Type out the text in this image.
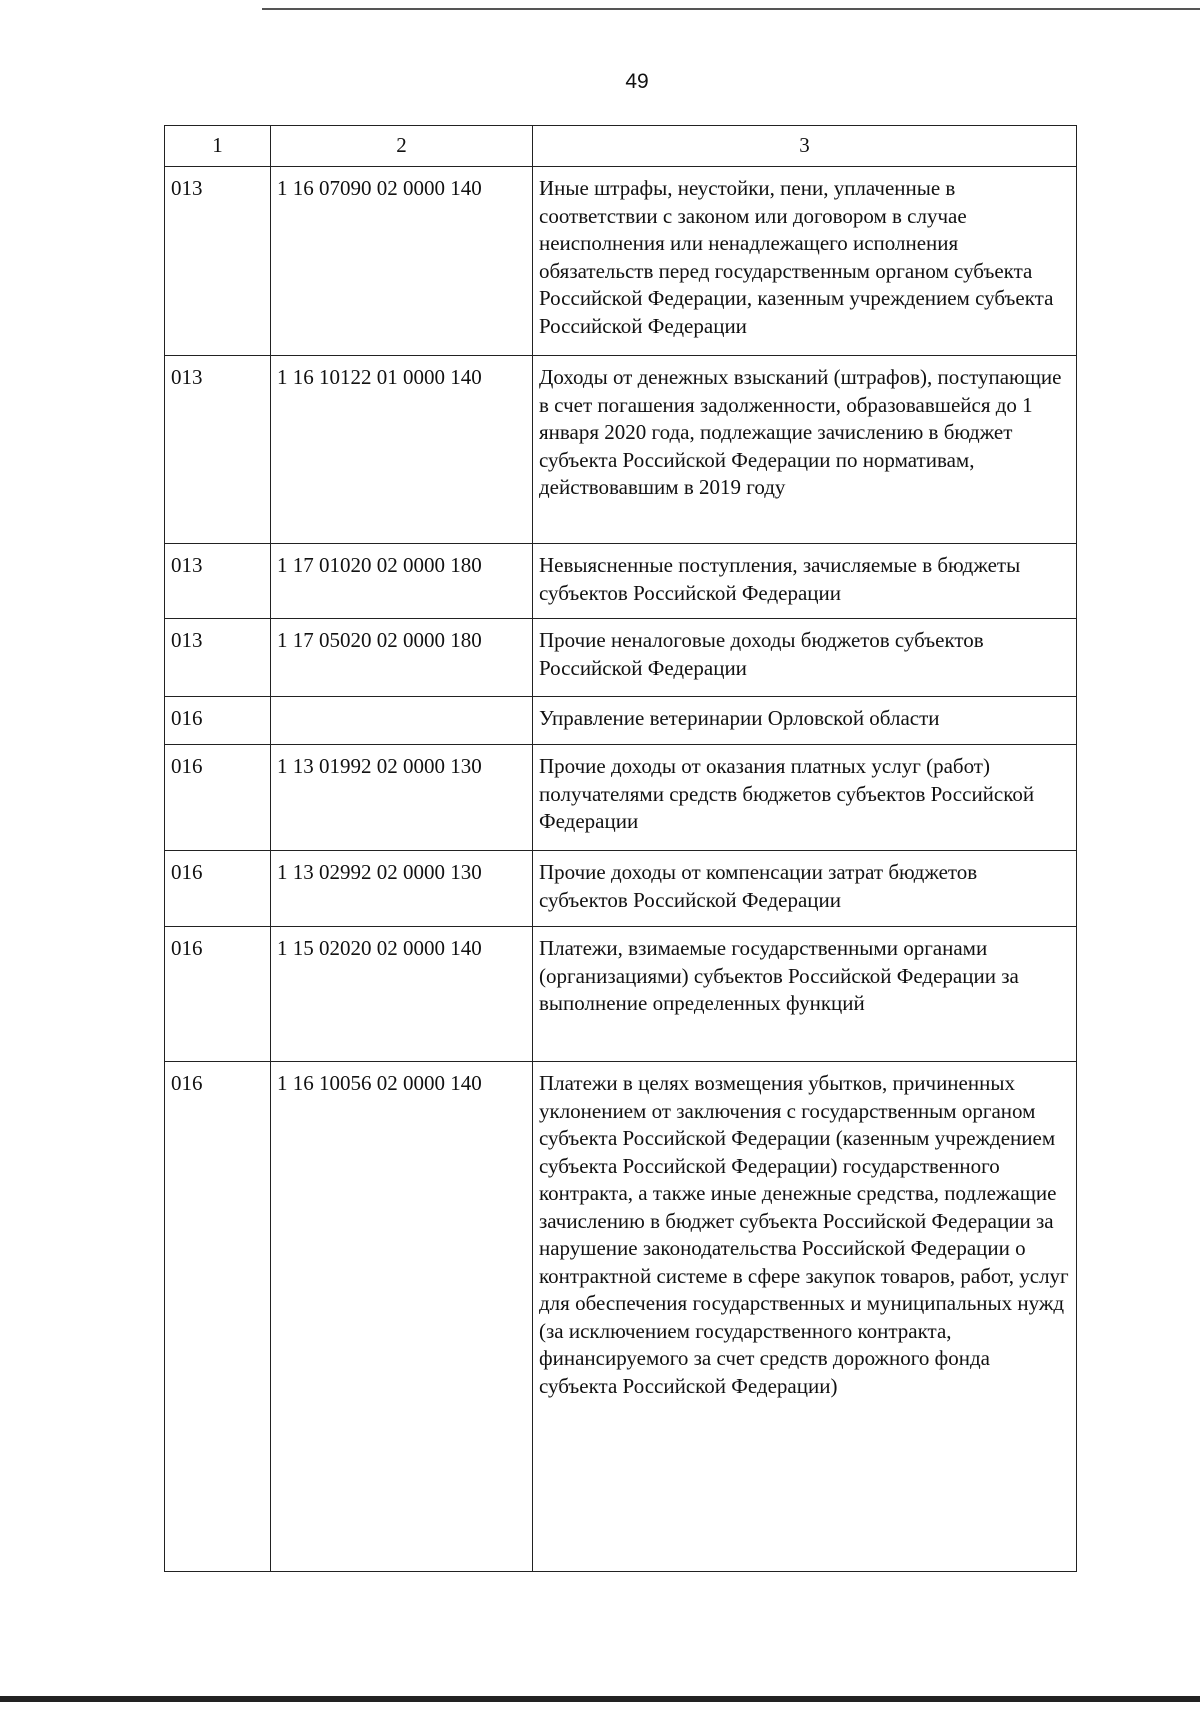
49
1	2	3
013	1 16 07090 02 0000 140	Иные штрафы, неустойки, пени, уплаченные в соответствии с законом или договором в случае неисполнения или ненадлежащего исполнения обязательств перед государственным органом субъекта Российской Федерации, казенным учреждением субъекта Российской Федерации
013	1 16 10122 01 0000 140	Доходы от денежных взысканий (штрафов), поступающие в счет погашения задолженности, образовавшейся до 1 января 2020 года, подлежащие зачислению в бюджет субъекта Российской Федерации по нормативам, действовавшим в 2019 году
013	1 17 01020 02 0000 180	Невыясненные поступления, зачисляемые в бюджеты субъектов Российской Федерации
013	1 17 05020 02 0000 180	Прочие неналоговые доходы бюджетов субъектов Российской Федерации
016		Управление ветеринарии Орловской области
016	1 13 01992 02 0000 130	Прочие доходы от оказания платных услуг (работ) получателями средств бюджетов субъектов Российской Федерации
016	1 13 02992 02 0000 130	Прочие доходы от компенсации затрат бюджетов субъектов Российской Федерации
016	1 15 02020 02 0000 140	Платежи, взимаемые государственными органами (организациями) субъектов Российской Федерации за выполнение определенных функций
016	1 16 10056 02 0000 140	Платежи в целях возмещения убытков, причиненных уклонением от заключения с государственным органом субъекта Российской Федерации (казенным учреждением субъекта Российской Федерации) государственного контракта, а также иные денежные средства, подлежащие зачислению в бюджет субъекта Российской Федерации за нарушение законодательства Российской Федерации о контрактной системе в сфере закупок товаров, работ, услуг для обеспечения государственных и муниципальных нужд (за исключением государственного контракта, финансируемого за счет средств дорожного фонда субъекта Российской Федерации)
